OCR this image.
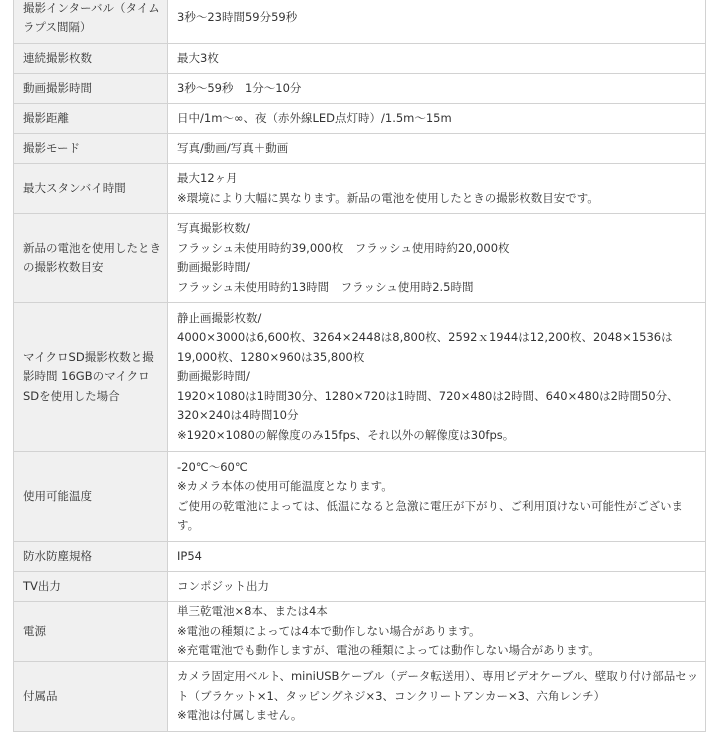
撮影インターバル（タイムラプス間隔）	3秒～23時間59分59秒

連続撮影枚数	最大3枚

動画撮影時間	3秒～59秒　1分～10分

撮影距離	日中/1m～∞、夜（赤外線LED点灯時）/1.5m～15m

撮影モード	写真/動画/写真＋動画

最大スタンバイ時間	最大12ヶ月
※環境により大幅に異なります。新品の電池を使用したときの撮影枚数目安です。

新品の電池を使用したときの撮影枚数目安	写真撮影枚数/
フラッシュ未使用時約39,000枚　フラッシュ使用時約20,000枚
動画撮影時間/
フラッシュ未使用時約13時間　フラッシュ使用時2.5時間

マイクロSD撮影枚数と撮影時間 16GBのマイクロSDを使用した場合	静止画撮影枚数/
4000×3000は6,600枚、3264×2448は8,800枚、2592ｘ1944は12,200枚、2048×1536は19,000枚、1280×960は35,800枚
動画撮影時間/
1920×1080は1時間30分、1280×720は1時間、720×480は2時間、640×480は2時間50分、320×240は4時間10分
※1920×1080の解像度のみ15fps、それ以外の解像度は30fps。

使用可能温度	-20℃～60℃
※カメラ本体の使用可能温度となります。
ご使用の乾電池によっては、低温になると急激に電圧が下がり、ご利用頂けない可能性がございます。

防水防塵規格	IP54

TV出力	コンポジット出力

電源	単三乾電池×8本、または4本
※電池の種類によっては4本で動作しない場合があります。
※充電電池でも動作しますが、電池の種類によっては動作しない場合があります。

付属品	カメラ固定用ベルト、miniUSBケーブル（データ転送用）、専用ビデオケーブル、壁取り付け部品セット（ブラケット×1、タッピングネジ×3、コンクリートアンカー×3、六角レンチ）
※電池は付属しません。
